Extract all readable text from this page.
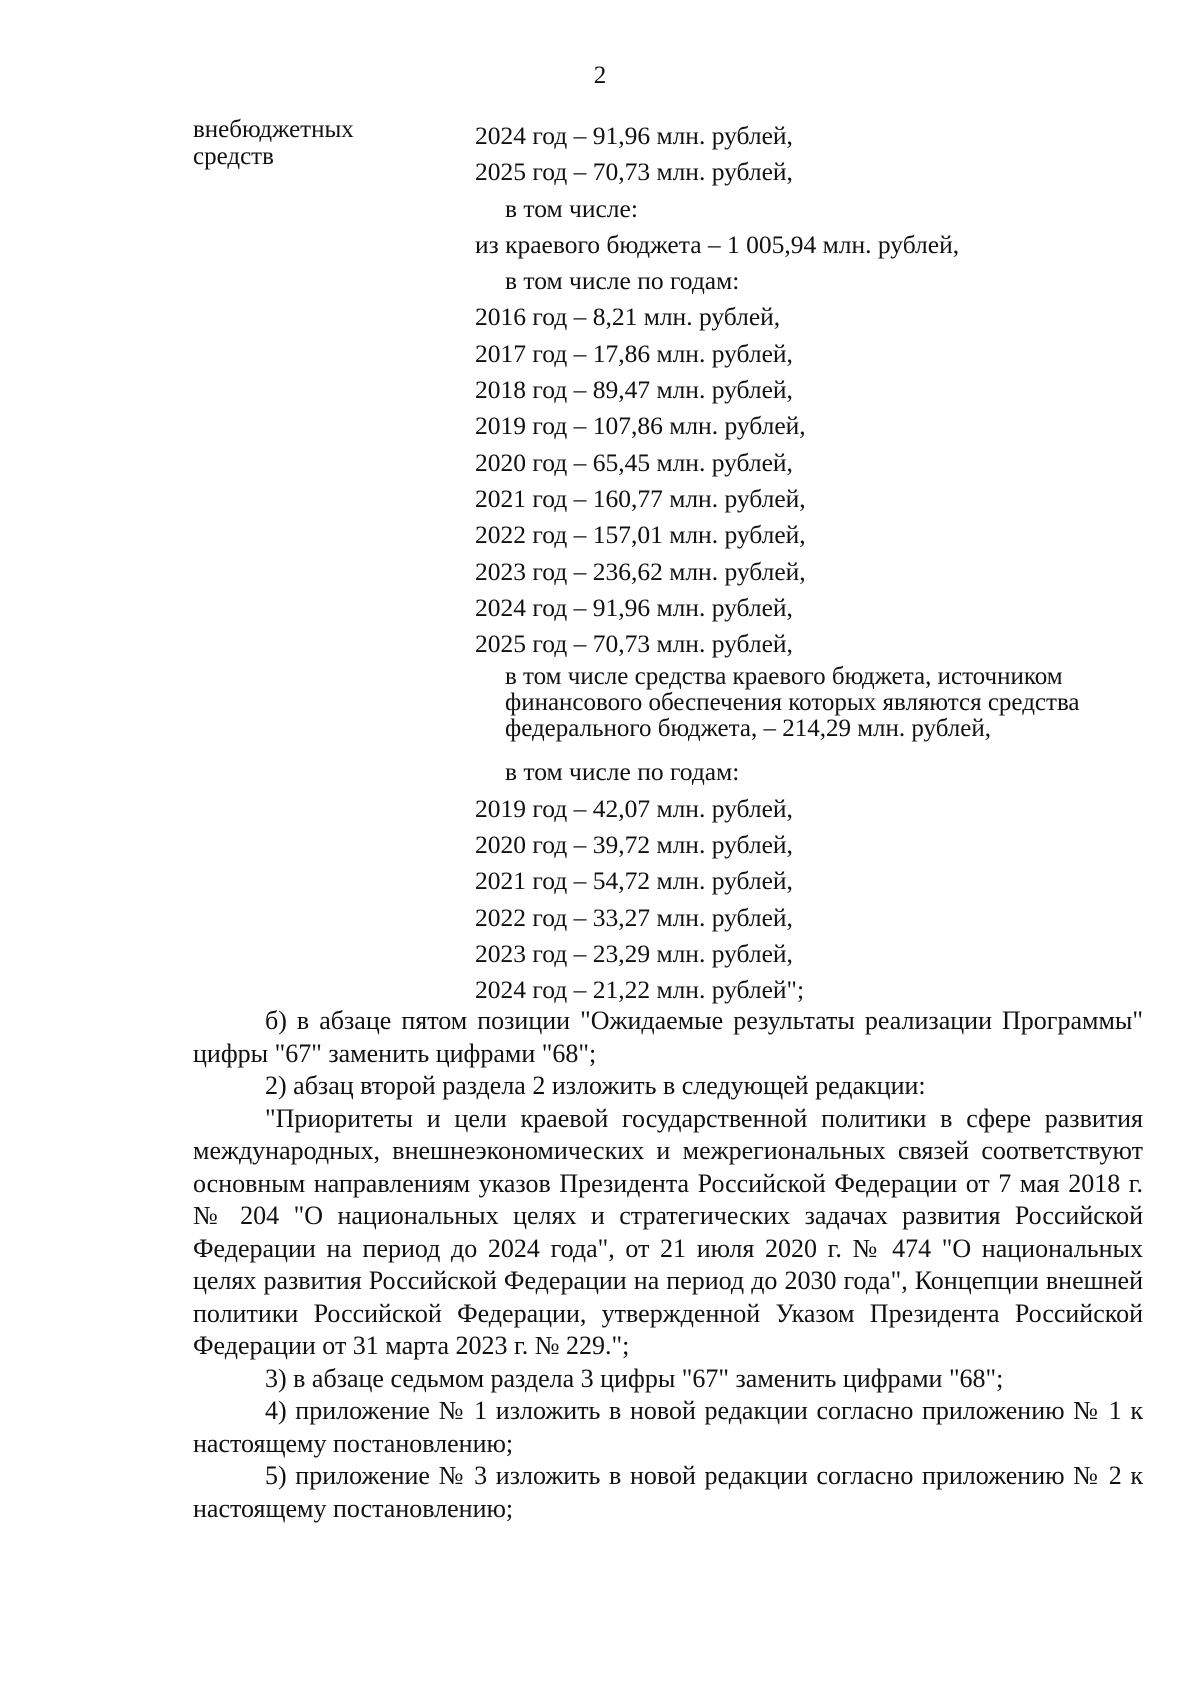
2
внебюджетных
средств
2024 год – 91,96 млн. рублей,
2025 год – 70,73 млн. рублей,
в том числе:
из краевого бюджета – 1 005,94 млн. рублей,
в том числе по годам:
2016 год – 8,21 млн. рублей,
2017 год – 17,86 млн. рублей,
2018 год – 89,47 млн. рублей,
2019 год – 107,86 млн. рублей,
2020 год – 65,45 млн. рублей,
2021 год – 160,77 млн. рублей,
2022 год – 157,01 млн. рублей,
2023 год – 236,62 млн. рублей,
2024 год – 91,96 млн. рублей,
2025 год – 70,73 млн. рублей,
в том числе средства краевого бюджета, источником финансового обеспечения которых являются средства федерального бюджета, – 214,29 млн. рублей,
в том числе по годам:
2019 год – 42,07 млн. рублей,
2020 год – 39,72 млн. рублей,
2021 год – 54,72 млн. рублей,
2022 год – 33,27 млн. рублей,
2023 год – 23,29 млн. рублей,
2024 год – 21,22 млн. рублей";

б) в абзаце пятом позиции "Ожидаемые результаты реализации Программы" цифры "67" заменить цифрами "68";

2) абзац второй раздела 2 изложить в следующей редакции:

"Приоритеты и цели краевой государственной политики в сфере развития международных, внешнеэкономических и межрегиональных связей соответствуют основным направлениям указов Президента Российской Федерации от 7 мая 2018 г. № 204 "О национальных целях и стратегических задачах развития Российской Федерации на период до 2024 года", от 21 июля 2020 г. № 474 "О национальных целях развития Российской Федерации на период до 2030 года", Концепции внешней политики Российской Федерации, утвержденной Указом Президента Российской Федерации от 31 марта 2023 г. № 229.";

3) в абзаце седьмом раздела 3 цифры "67" заменить цифрами "68";

4) приложение № 1 изложить в новой редакции согласно приложению № 1 к настоящему постановлению;

5) приложение № 3 изложить в новой редакции согласно приложению № 2 к настоящему постановлению;
